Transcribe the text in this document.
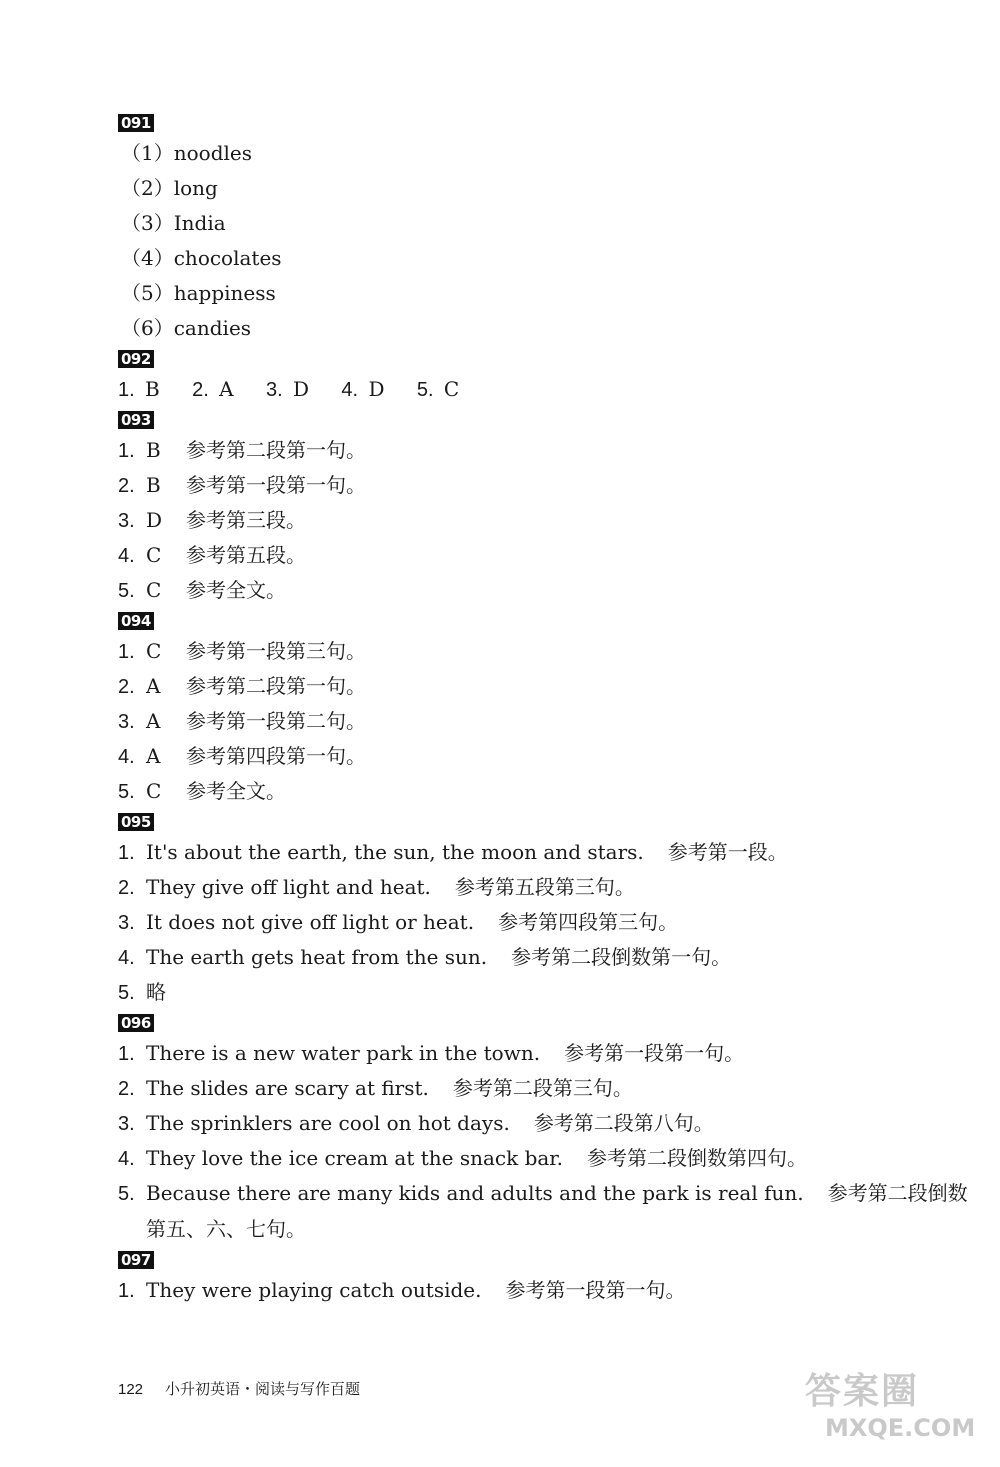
091
（1）noodles
（2）long
（3）India
（4）chocolates
（5）happiness
（6）candies
092
1. B 2. A 3. D 4. D 5. C
093
1. B 参考第二段第一句。
2. B 参考第一段第一句。
3. D 参考第三段。
4. C 参考第五段。
5. C 参考全文。
094
1. C 参考第一段第三句。
2. A 参考第二段第一句。
3. A 参考第一段第二句。
4. A 参考第四段第一句。
5. C 参考全文。
095
1. It's about the earth, the sun, the moon and stars. 参考第一段。
2. They give off light and heat. 参考第五段第三句。
3. It does not give off light or heat. 参考第四段第三句。
4. The earth gets heat from the sun. 参考第二段倒数第一句。
5. 略
096
1. There is a new water park in the town. 参考第一段第一句。
2. The slides are scary at first. 参考第二段第三句。
3. The sprinklers are cool on hot days. 参考第二段第八句。
4. They love the ice cream at the snack bar. 参考第二段倒数第四句。
5. Because there are many kids and adults and the park is real fun. 参考第二段倒数
第五、六、七句。
097
1. They were playing catch outside. 参考第一段第一句。
122 小升初英语・阅读与写作百题	答案圈
MXQE.COM
